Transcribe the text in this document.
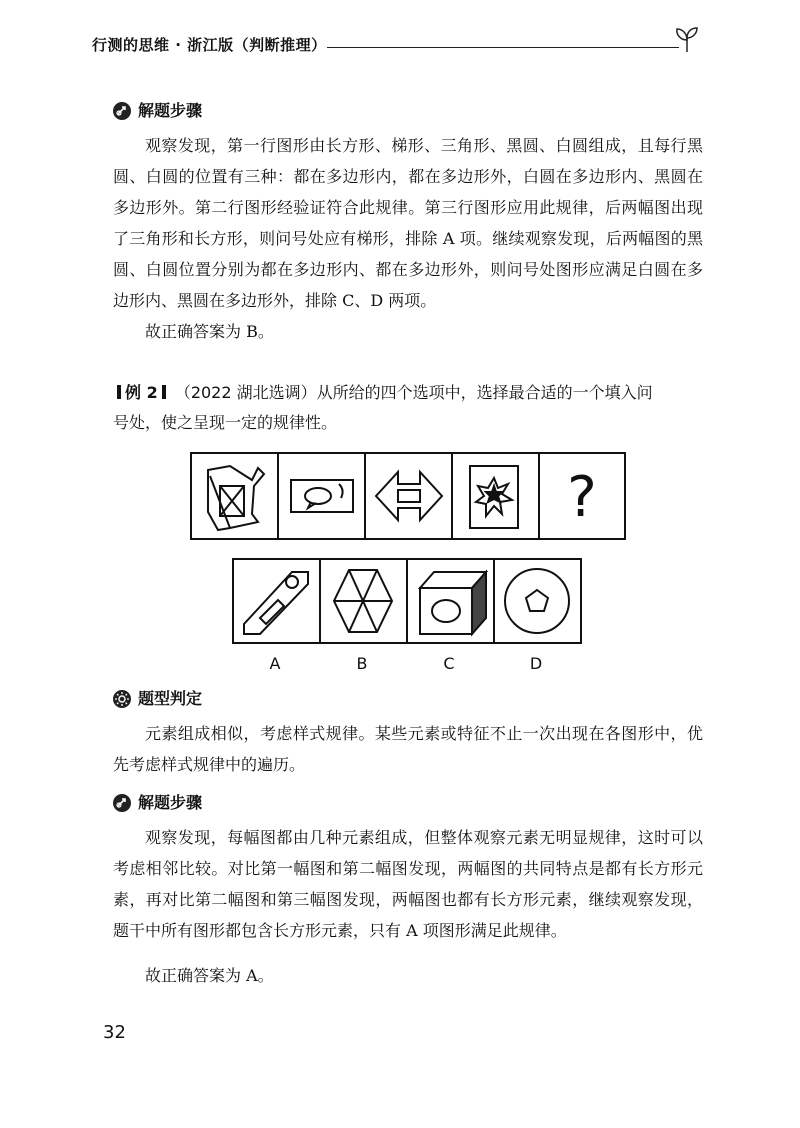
行测的思维 · 浙江版（判断推理）
解题步骤
观察发现，第一行图形由长方形、梯形、三角形、黑圆、白圆组成，且每行黑圆、白圆的位置有三种：都在多边形内，都在多边形外，白圆在多边形内、黑圆在多边形外。第二行图形经验证符合此规律。第三行图形应用此规律，后两幅图出现了三角形和长方形，则问号处应有梯形，排除 A 项。继续观察发现，后两幅图的黑圆、白圆位置分别为都在多边形内、都在多边形外，则问号处图形应满足白圆在多边形内、黑圆在多边形外，排除 C、D 两项。
故正确答案为 B。
例 2 （2022 湖北选调）从所给的四个选项中，选择最合适的一个填入问
号处，使之呈现一定的规律性。
?
A	B	C	D
题型判定
元素组成相似，考虑样式规律。某些元素或特征不止一次出现在各图形中，优先考虑样式规律中的遍历。
解题步骤
观察发现，每幅图都由几种元素组成，但整体观察元素无明显规律，这时可以考虑相邻比较。对比第一幅图和第二幅图发现，两幅图的共同特点是都有长方形元素，再对比第二幅图和第三幅图发现，两幅图也都有长方形元素，继续观察发现，题干中所有图形都包含长方形元素，只有 A 项图形满足此规律。
故正确答案为 A。
32
